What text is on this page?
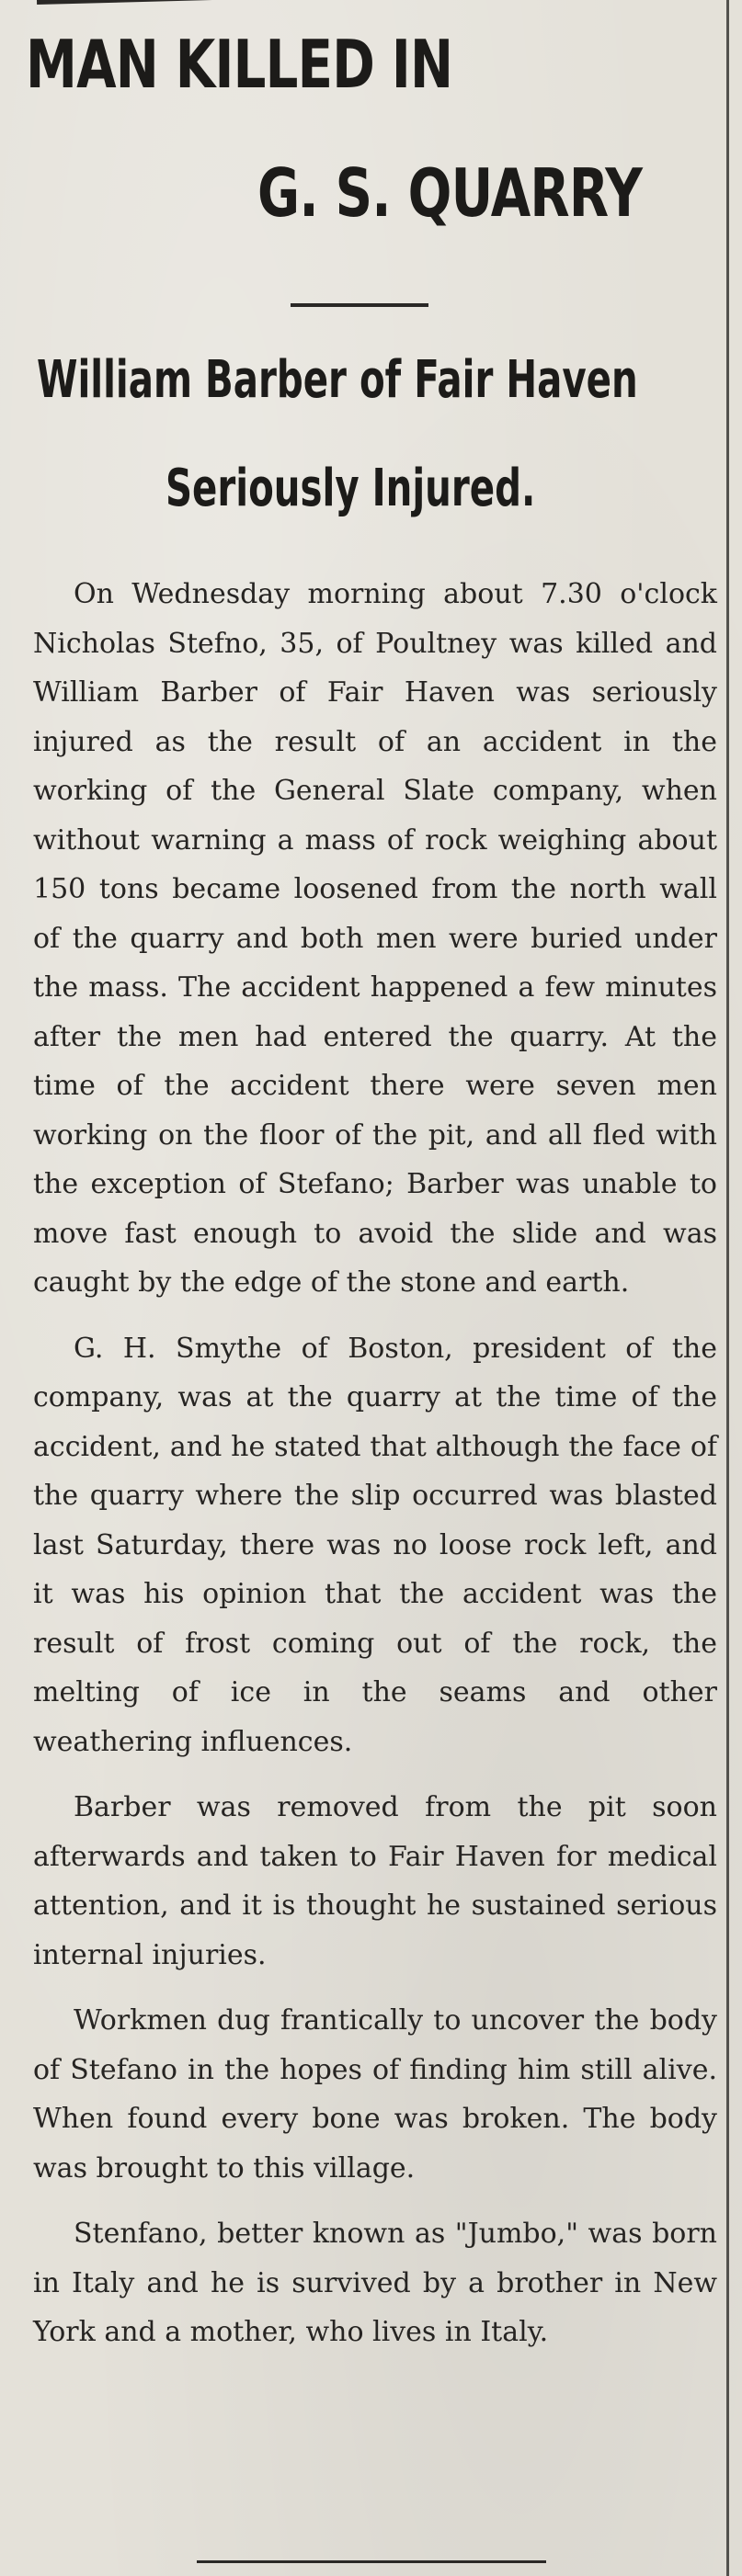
MAN KILLED IN
G. S. QUARRY
William Barber of Fair Haven
Seriously Injured.

On Wednesday morning about 7.30 o'clock Nicholas Stefno, 35, of Poultney was killed and William Barber of Fair Haven was seriously injured as the result of an accident in the working of the General Slate company, when without warning a mass of rock weighing about 150 tons became loosened from the north wall of the quarry and both men were buried under the mass. The accident happened a few minutes after the men had entered the quarry. At the time of the accident there were seven men working on the floor of the pit, and all fled with the exception of Stefano; Barber was unable to move fast enough to avoid the slide and was caught by the edge of the stone and earth.

G. H. Smythe of Boston, president of the company, was at the quarry at the time of the accident, and he stated that although the face of the quarry where the slip occurred was blasted last Saturday, there was no loose rock left, and it was his opinion that the accident was the result of frost coming out of the rock, the melting of ice in the seams and other weathering influences.

Barber was removed from the pit soon afterwards and taken to Fair Haven for medical attention, and it is thought he sustained serious internal injuries.

Workmen dug frantically to uncover the body of Stefano in the hopes of finding him still alive. When found every bone was broken. The body was brought to this village.

Stenfano, better known as "Jumbo," was born in Italy and he is survived by a brother in New York and a mother, who lives in Italy.
